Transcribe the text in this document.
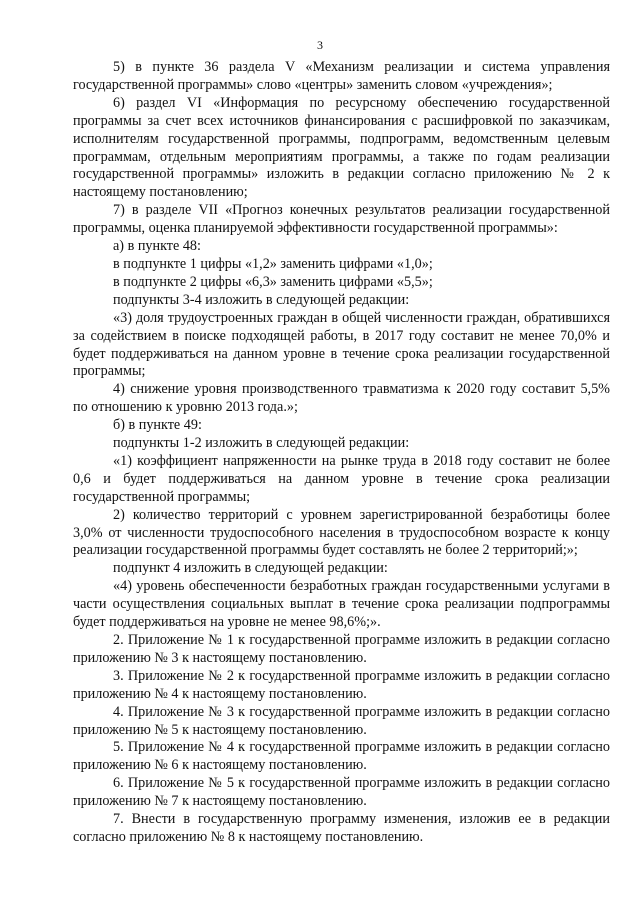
3

5) в пункте 36 раздела V «Механизм реализации и система управления государственной программы» слово «центры» заменить словом «учреждения»;

6) раздел VI «Информация по ресурсному обеспечению государственной программы за счет всех источников финансирования с расшифровкой по заказчикам, исполнителям государственной программы, подпрограмм, ведомственным целевым программам, отдельным мероприятиям программы, а также по годам реализации государственной программы» изложить в редакции согласно приложению № 2 к настоящему постановлению;

7) в разделе VII «Прогноз конечных результатов реализации государственной программы, оценка планируемой эффективности государственной программы»:

а) в пункте 48:

в подпункте 1 цифры «1,2» заменить цифрами «1,0»;

в подпункте 2 цифры «6,3» заменить цифрами «5,5»;

подпункты 3-4 изложить в следующей редакции:

«3) доля трудоустроенных граждан в общей численности граждан, обратившихся за содействием в поиске подходящей работы, в 2017 году составит не менее 70,0% и будет поддерживаться на данном уровне в течение срока реализации государственной программы;

4) снижение уровня производственного травматизма к 2020 году составит 5,5% по отношению к уровню 2013 года.»;

б) в пункте 49:

подпункты 1-2 изложить в следующей редакции:

«1) коэффициент напряженности на рынке труда в 2018 году составит не более 0,6 и будет поддерживаться на данном уровне в течение срока реализации государственной программы;

2) количество территорий с уровнем зарегистрированной безработицы более 3,0% от численности трудоспособного населения в трудоспособном возрасте к концу реализации государственной программы будет составлять не более 2 территорий;»;

подпункт 4 изложить в следующей редакции:

«4) уровень обеспеченности безработных граждан государственными услугами в части осуществления социальных выплат в течение срока реализации подпрограммы будет поддерживаться на уровне не менее 98,6%;».

2. Приложение № 1 к государственной программе изложить в редакции согласно приложению № 3 к настоящему постановлению.

3. Приложение № 2 к государственной программе изложить в редакции согласно приложению № 4 к настоящему постановлению.

4. Приложение № 3 к государственной программе изложить в редакции согласно приложению № 5 к настоящему постановлению.

5. Приложение № 4 к государственной программе изложить в редакции согласно приложению № 6 к настоящему постановлению.

6. Приложение № 5 к государственной программе изложить в редакции согласно приложению № 7 к настоящему постановлению.

7. Внести в государственную программу изменения, изложив ее в редакции согласно приложению № 8 к настоящему постановлению.
